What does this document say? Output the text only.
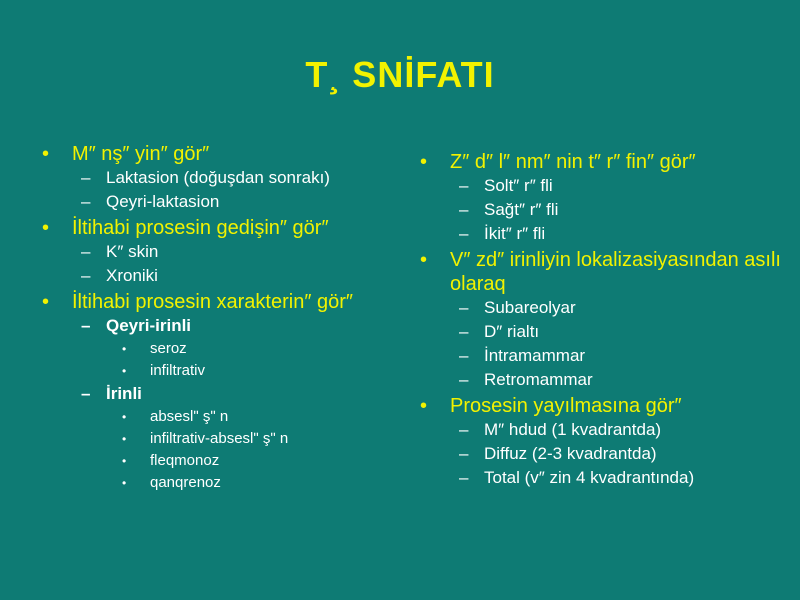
T¸ SNİFATI
• M″ nş″ yin″ gör″
– Laktasion (doğuşdan sonrakı)
– Qeyri-laktasion
• İltihabi prosesin gedişin″ gör″
– K″ skin
– Xroniki
• İltihabi prosesin xarakterin″ gör″
– Qeyri-irinli
• seroz
• infiltrativ
– İrinli
• abseslʺ şʺ n
• infiltrativ-abseslʺ şʺ n
• fleqmonoz
• qanqrenoz
• Z″ d″ l″ nm″ nin t″ r″ fin″ gör″
– Solt″ r″ fli
– Sağt″ r″ fli
– İkit″ r″ fli
• V″ zd″ irinliyin lokalizasiyasından asılı olaraq
– Subareolyar
– D″ rialtı
– İntramammar
– Retromammar
• Prosesin yayılmasına gör″
– M″ hdud (1 kvadrantda)
– Diffuz (2-3 kvadrantda)
– Total (v″ zin 4 kvadrantında)
